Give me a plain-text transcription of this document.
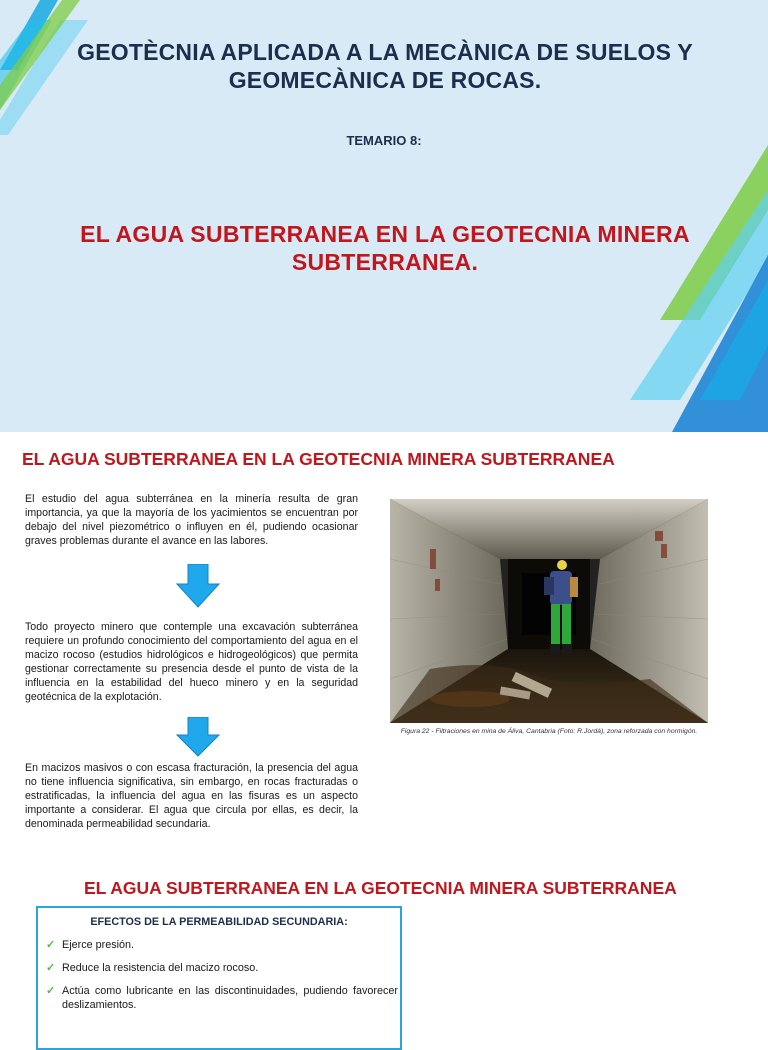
GEOTÈCNIA APLICADA A LA MECÀNICA DE SUELOS Y GEOMECÀNICA DE ROCAS.
TEMARIO 8:
EL AGUA SUBTERRANEA EN LA GEOTECNIA MINERA SUBTERRANEA.
EL AGUA SUBTERRANEA EN LA GEOTECNIA MINERA SUBTERRANEA
El estudio del agua subterránea en la minería resulta de gran importancia, ya que la mayoría de los yacimientos se encuentran por debajo del nivel piezométrico o influyen en él, pudiendo ocasionar graves problemas durante el avance en las labores.
Todo proyecto minero que contemple una excavación subterránea requiere un profundo conocimiento del comportamiento del agua en el macizo rocoso (estudios hidrológicos e hidrogeológicos) que permita gestionar correctamente su presencia desde el punto de vista de la influencia en la estabilidad del hueco minero y en la seguridad geotécnica de la explotación.
En macizos masivos o con escasa fracturación, la presencia del agua no tiene influencia significativa, sin embargo, en rocas fracturadas o estratificadas, la influencia del agua en las fisuras es un aspecto importante a considerar. El agua que circula por ellas, es decir, la denominada permeabilidad secundaria.
Figura 22 - Filtraciones en mina de Áliva, Cantabria (Foto: R.Jordá), zona reforzada con hormigón.
EL AGUA SUBTERRANEA EN LA GEOTECNIA MINERA SUBTERRANEA
EFECTOS DE LA PERMEABILIDAD SECUNDARIA:
✓ Ejerce presión.
✓ Reduce la resistencia del macizo rocoso.
✓ Actúa como lubricante en las discontinuidades, pudiendo favorecer deslizamientos.
